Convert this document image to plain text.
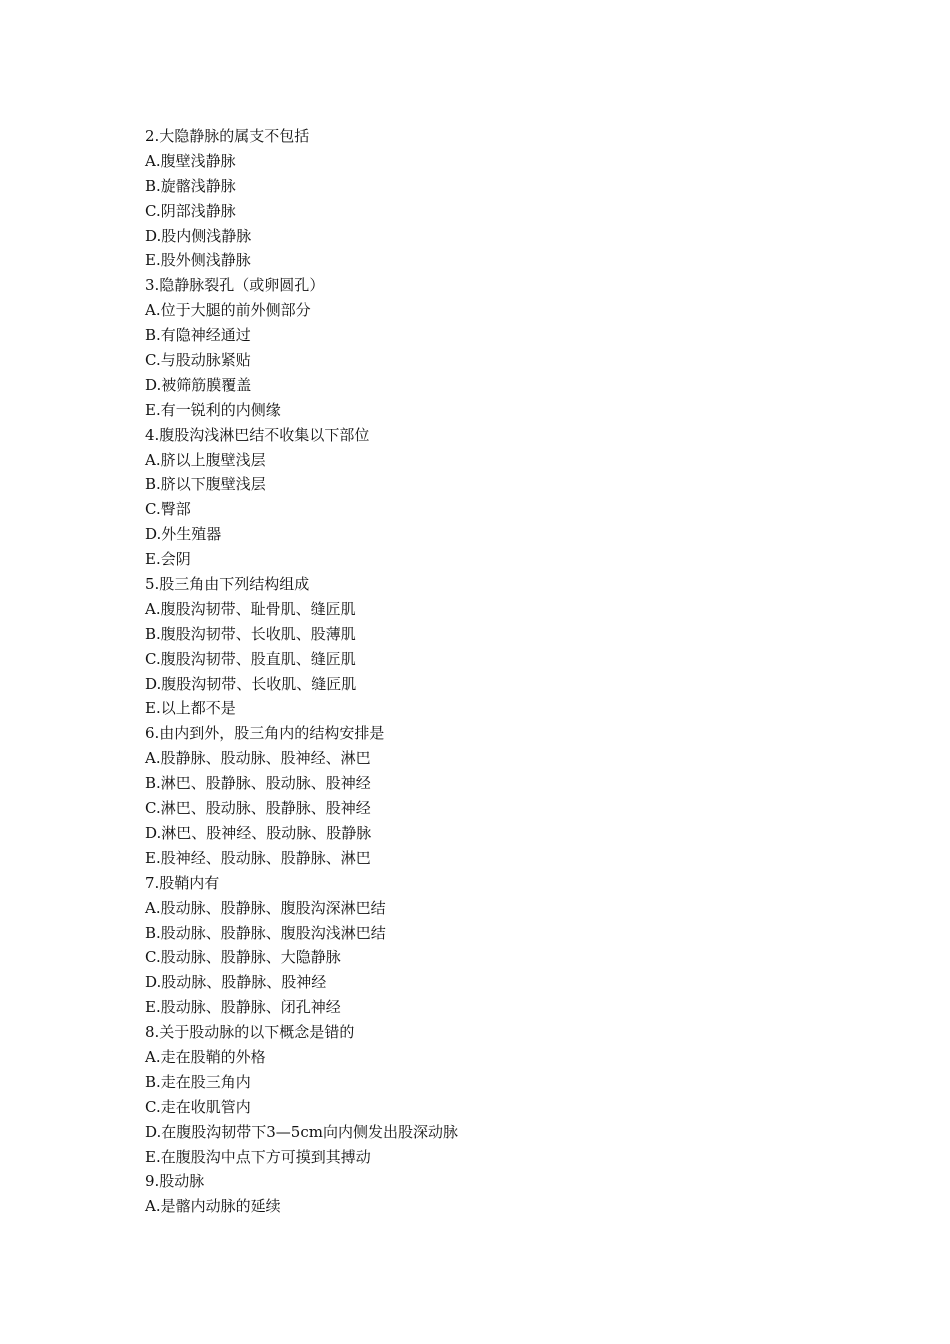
2.大隐静脉的属支不包括
A.腹壁浅静脉
B.旋髂浅静脉
C.阴部浅静脉
D.股内侧浅静脉
E.股外侧浅静脉
3.隐静脉裂孔（或卵圆孔）
A.位于大腿的前外侧部分
B.有隐神经通过
C.与股动脉紧贴
D.被筛筋膜覆盖
E.有一锐利的内侧缘
4.腹股沟浅淋巴结不收集以下部位
A.脐以上腹壁浅层
B.脐以下腹壁浅层
C.臀部
D.外生殖器
E.会阴
5.股三角由下列结构组成
A.腹股沟韧带、耻骨肌、缝匠肌
B.腹股沟韧带、长收肌、股薄肌
C.腹股沟韧带、股直肌、缝匠肌
D.腹股沟韧带、长收肌、缝匠肌
E.以上都不是
6.由内到外，股三角内的结构安排是
A.股静脉、股动脉、股神经、淋巴
B.淋巴、股静脉、股动脉、股神经
C.淋巴、股动脉、股静脉、股神经
D.淋巴、股神经、股动脉、股静脉
E.股神经、股动脉、股静脉、淋巴
7.股鞘内有
A.股动脉、股静脉、腹股沟深淋巴结
B.股动脉、股静脉、腹股沟浅淋巴结
C.股动脉、股静脉、大隐静脉
D.股动脉、股静脉、股神经
E.股动脉、股静脉、闭孔神经
8.关于股动脉的以下概念是错的
A.走在股鞘的外格
B.走在股三角内
C.走在收肌管内
D.在腹股沟韧带下3—5cm向内侧发出股深动脉
E.在腹股沟中点下方可摸到其搏动
9.股动脉
A.是髂内动脉的延续
